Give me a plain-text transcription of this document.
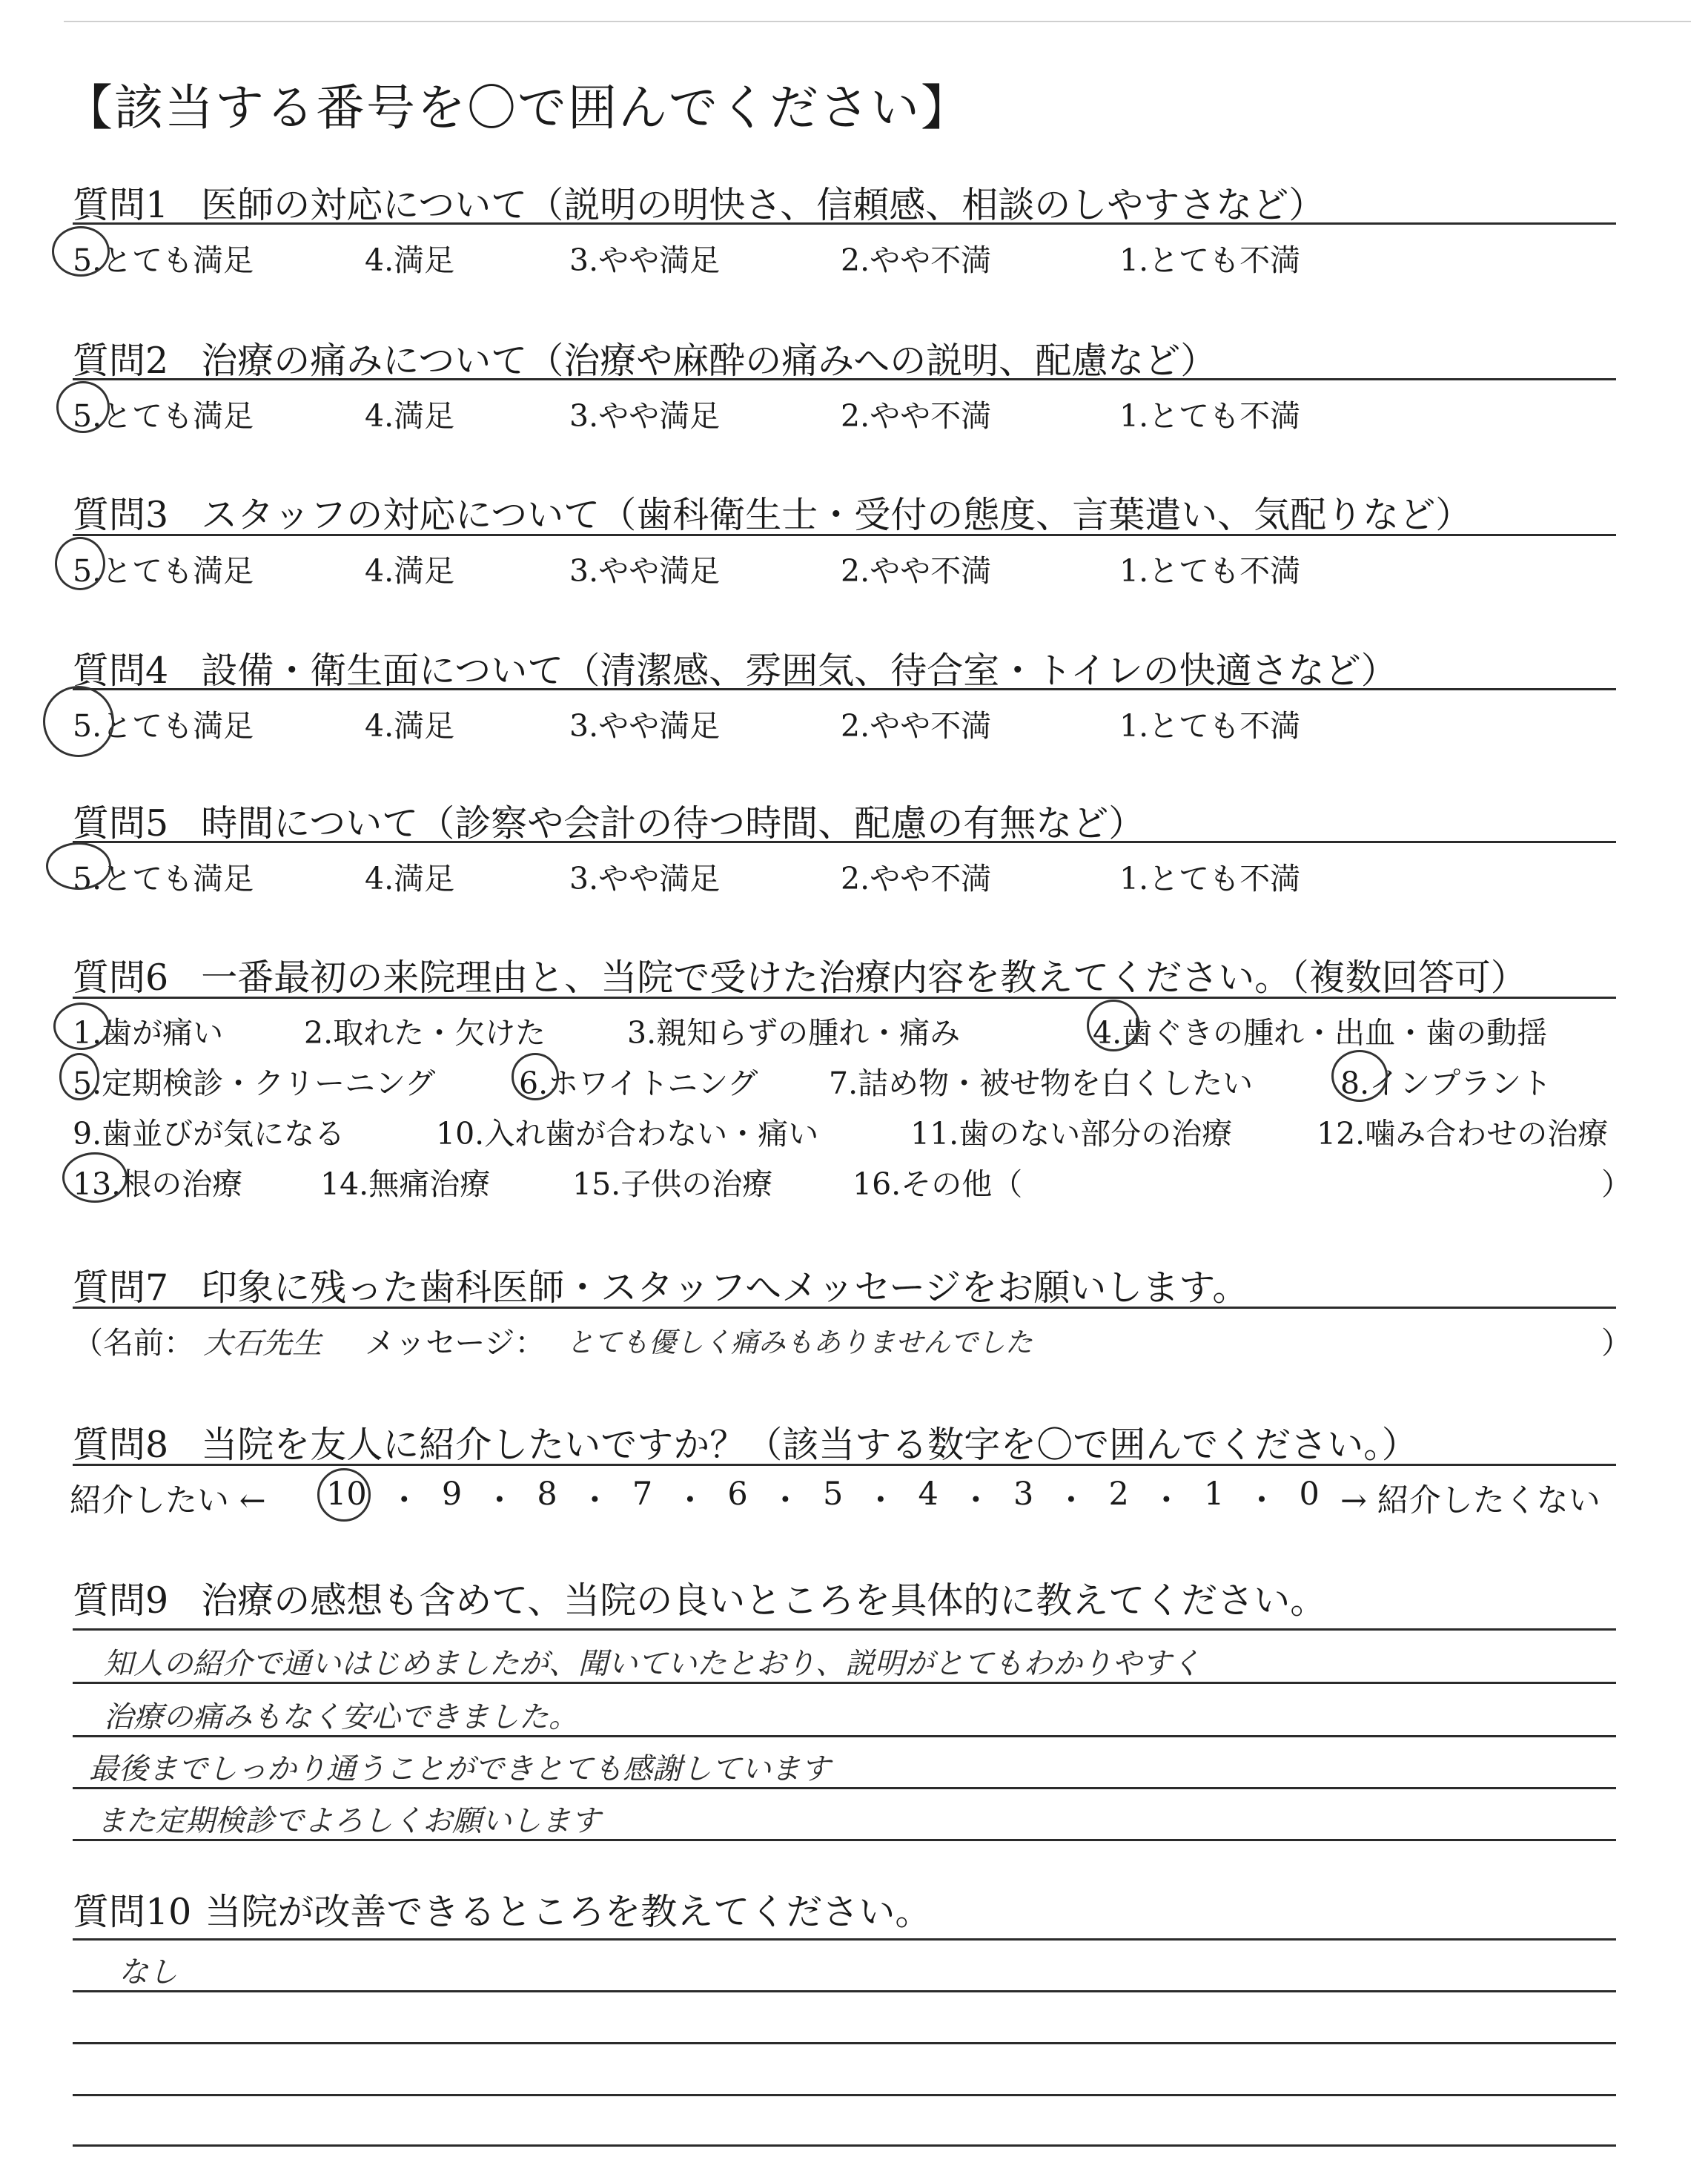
【該当する番号を〇で囲んでください】
質問1 医師の対応について（説明の明快さ、信頼感、相談のしやすさなど）
5.とても満足	4.満足	3.やや満足	2.やや不満	1.とても不満
質問2 治療の痛みについて（治療や麻酔の痛みへの説明、配慮など）
5.とても満足	4.満足	3.やや満足	2.やや不満	1.とても不満
質問3 スタッフの対応について（歯科衛生士・受付の態度、言葉遣い、気配りなど）
5.とても満足	4.満足	3.やや満足	2.やや不満	1.とても不満
質問4 設備・衛生面について（清潔感、雰囲気、待合室・トイレの快適さなど）
5.とても満足	4.満足	3.やや満足	2.やや不満	1.とても不満
質問5 時間について（診察や会計の待つ時間、配慮の有無など）
5.とても満足	4.満足	3.やや満足	2.やや不満	1.とても不満
質問6 一番最初の来院理由と、当院で受けた治療内容を教えてください。（複数回答可）
1.歯が痛い	2.取れた・欠けた	3.親知らずの腫れ・痛み	4.歯ぐきの腫れ・出血・歯の動揺
5.定期検診・クリーニング	6.ホワイトニング 7.詰め物・被せ物を白くしたい	8.インプラント
9.歯並びが気になる	10.入れ歯が合わない・痛い	11.歯のない部分の治療	12.噛み合わせの治療
13.根の治療	14.無痛治療	15.子供の治療	16.その他（	）
質問7 印象に残った歯科医師・スタッフへメッセージをお願いします。
（名前： 大石先生 メッセージ： とても優しく痛みもありませんでした	）
質問8 当院を友人に紹介したいですか？（該当する数字を〇で囲んでください。）
紹介したい ←	→ 紹介したくない
10 ・ 9 ・ 8 ・ 7 ・ 6 ・ 5 ・ 4 ・ 3 ・ 2 ・ 1 ・ 0
質問9 治療の感想も含めて、当院の良いところを具体的に教えてください。
知人の紹介で通いはじめましたが、聞いていたとおり、説明がとてもわかりやすく
治療の痛みもなく安心できました。
最後までしっかり通うことができとても感謝しています
また定期検診でよろしくお願いします
質問10 当院が改善できるところを教えてください。
なし
